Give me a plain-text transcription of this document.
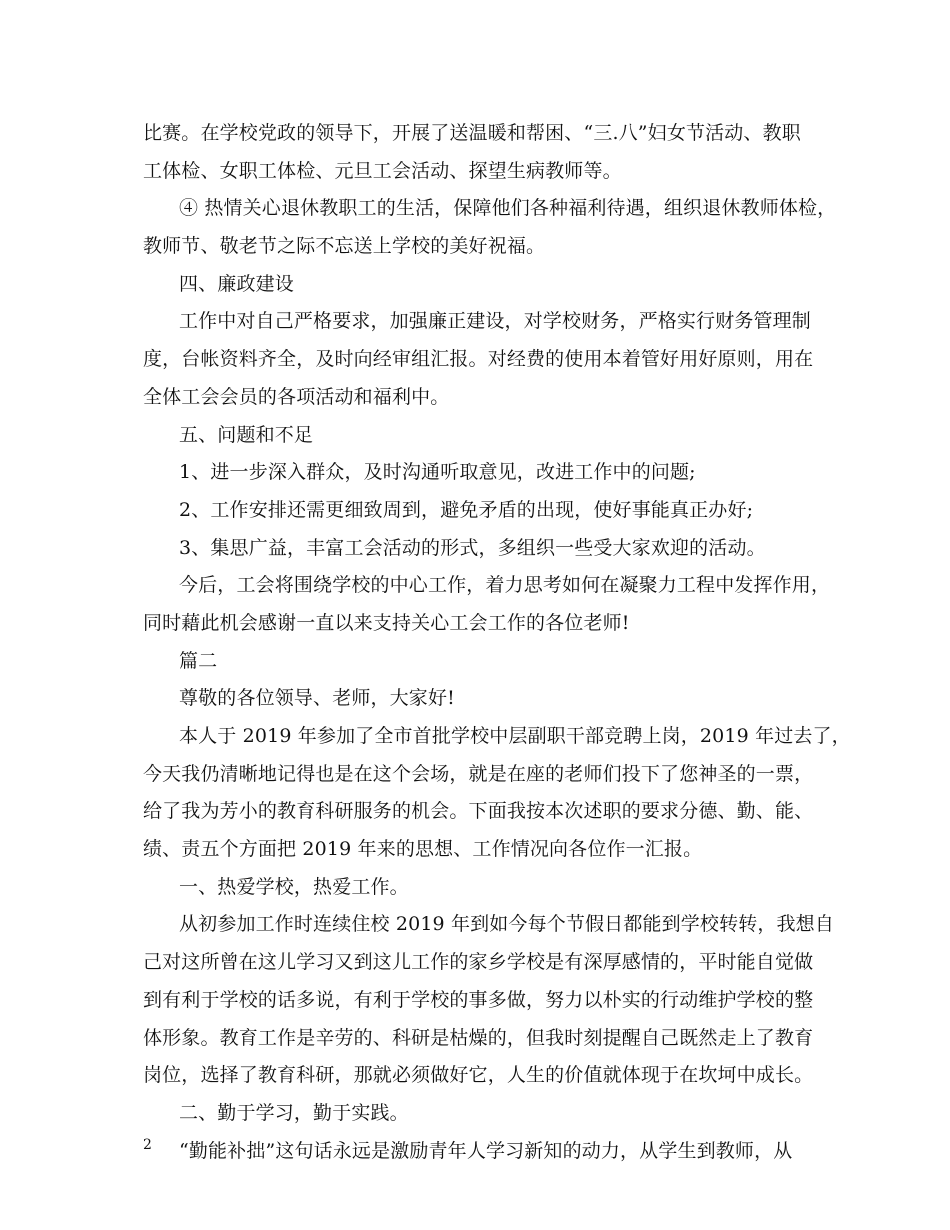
比赛。在学校党政的领导下，开展了送温暖和帮困、“三.八”妇女节活动、教职
工体检、女职工体检、元旦工会活动、探望生病教师等。
④ 热情关心退休教职工的生活，保障他们各种福利待遇，组织退休教师体检，
教师节、敬老节之际不忘送上学校的美好祝福。
四、廉政建设
工作中对自己严格要求，加强廉正建设，对学校财务，严格实行财务管理制
度，台帐资料齐全，及时向经审组汇报。对经费的使用本着管好用好原则，用在
全体工会会员的各项活动和福利中。
五、问题和不足
1、进一步深入群众，及时沟通听取意见，改进工作中的问题;
2、工作安排还需更细致周到，避免矛盾的出现，使好事能真正办好;
3、集思广益，丰富工会活动的形式，多组织一些受大家欢迎的活动。
今后，工会将围绕学校的中心工作，着力思考如何在凝聚力工程中发挥作用，
同时藉此机会感谢一直以来支持关心工会工作的各位老师!
篇二
尊敬的各位领导、老师，大家好!
本人于 2019 年参加了全市首批学校中层副职干部竞聘上岗，2019 年过去了，
今天我仍清晰地记得也是在这个会场，就是在座的老师们投下了您神圣的一票，
给了我为芳小的教育科研服务的机会。下面我按本次述职的要求分德、勤、能、
绩、责五个方面把 2019 年来的思想、工作情况向各位作一汇报。
一、热爱学校，热爱工作。
从初参加工作时连续住校 2019 年到如今每个节假日都能到学校转转，我想自
己对这所曾在这儿学习又到这儿工作的家乡学校是有深厚感情的，平时能自觉做
到有利于学校的话多说，有利于学校的事多做，努力以朴实的行动维护学校的整
体形象。教育工作是辛劳的、科研是枯燥的，但我时刻提醒自己既然走上了教育
岗位，选择了教育科研，那就必须做好它，人生的价值就体现于在坎坷中成长。
二、勤于学习，勤于实践。
“勤能补拙”这句话永远是激励青年人学习新知的动力，从学生到教师，从
2
